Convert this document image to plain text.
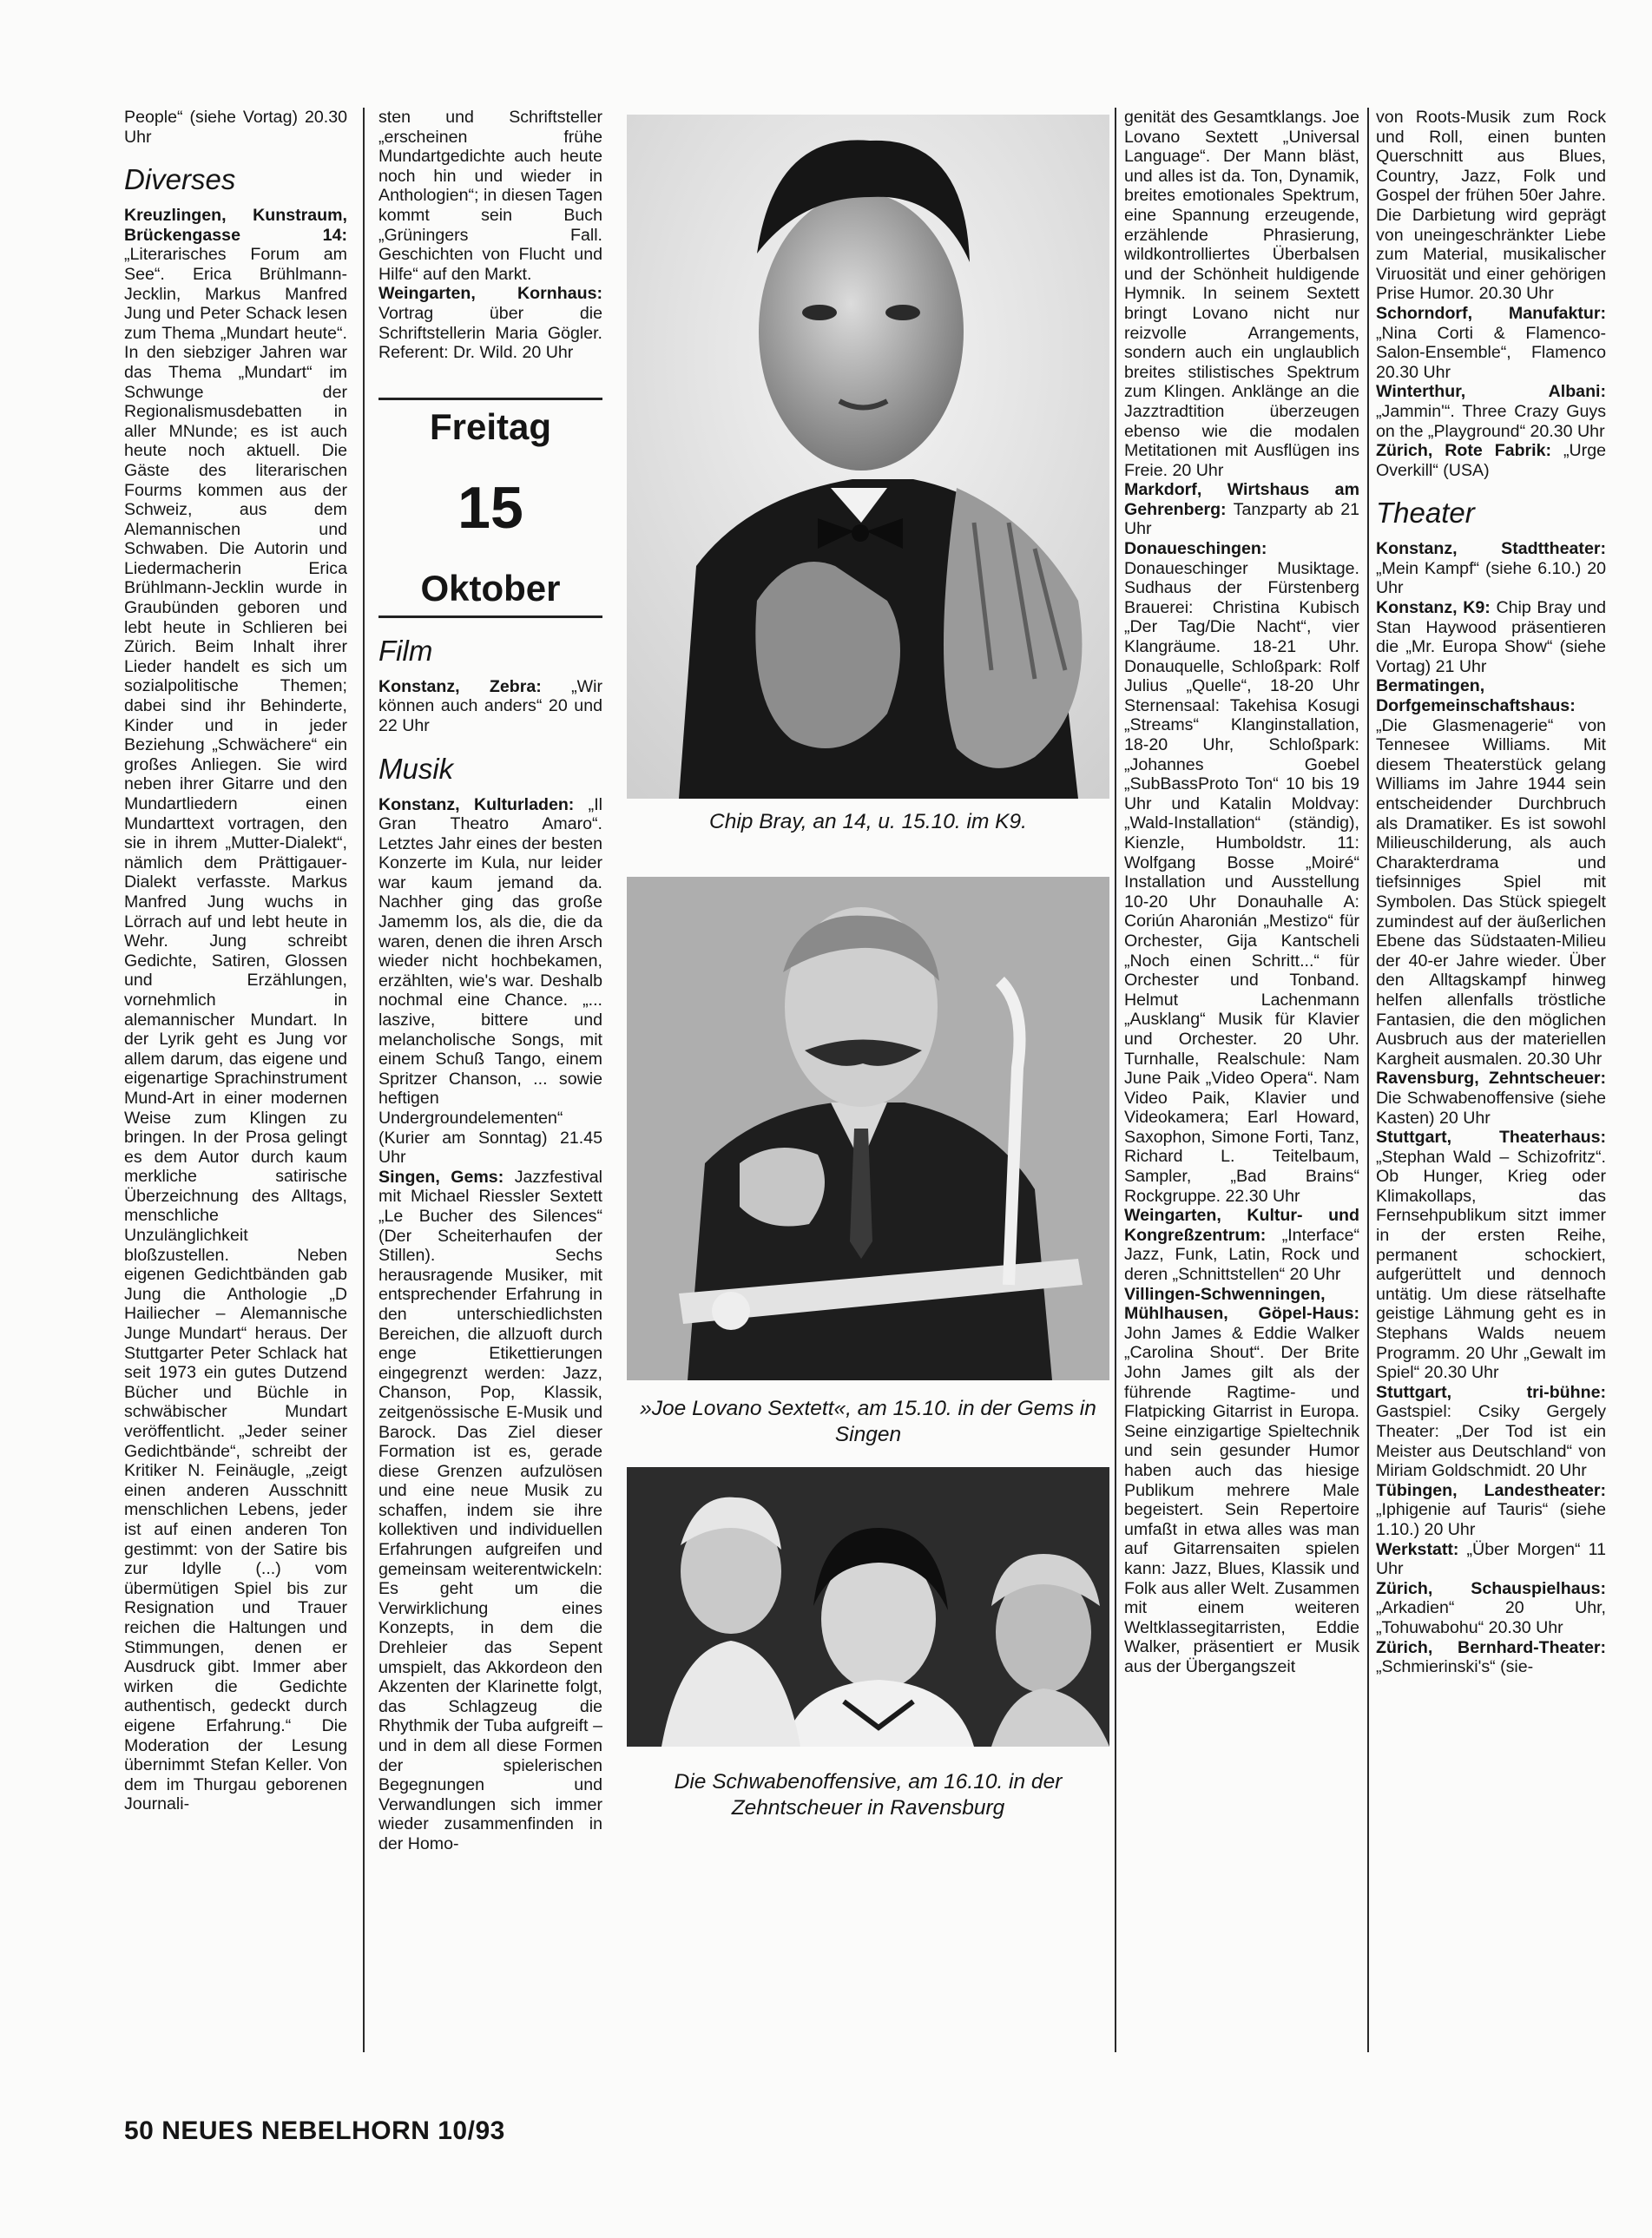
People“ (siehe Vortag) 20.30 Uhr

Diverses

Kreuzlingen, Kunstraum, Brückengasse 14: „Literarisches Forum am See“. Erica Brühlmann-Jecklin, Markus Manfred Jung und Peter Schack lesen zum Thema „Mundart heute“. In den siebziger Jahren war das Thema „Mundart“ im Schwunge der Regionalismusdebatten in aller MNunde; es ist auch heute noch aktuell. Die Gäste des literarischen Fourms kommen aus der Schweiz, aus dem Alemannischen und Schwaben. Die Autorin und Liedermacherin Erica Brühlmann-Jecklin wurde in Graubünden geboren und lebt heute in Schlieren bei Zürich. Beim Inhalt ihrer Lieder handelt es sich um sozialpolitische Themen; dabei sind ihr Behinderte, Kinder und in jeder Beziehung „Schwächere“ ein großes Anliegen. Sie wird neben ihrer Gitarre und den Mundartliedern einen Mundarttext vortragen, den sie in ihrem „Mutter-Dialekt“, nämlich dem Prättigauer-Dialekt verfasste. Markus Manfred Jung wuchs in Lörrach auf und lebt heute in Wehr. Jung schreibt Gedichte, Satiren, Glossen und Erzählungen, vornehmlich in alemannischer Mundart. In der Lyrik geht es Jung vor allem darum, das eigene und eigenartige Sprachinstrument Mund-Art in einer modernen Weise zum Klingen zu bringen. In der Prosa gelingt es dem Autor durch kaum merkliche satirische Überzeichnung des Alltags, menschliche Unzulänglichkeit bloßzustellen. Neben eigenen Gedichtbänden gab Jung die Anthologie „D Hailiecher – Alemannische Junge Mundart“ heraus. Der Stuttgarter Peter Schlack hat seit 1973 ein gutes Dutzend Bücher und Büchle in schwäbischer Mundart veröffentlicht. „Jeder seiner Gedichtbände“, schreibt der Kritiker N. Feinäugle, „zeigt einen anderen Ausschnitt menschlichen Lebens, jeder ist auf einen anderen Ton gestimmt: von der Satire bis zur Idylle (...) vom übermütigen Spiel bis zur Resignation und Trauer reichen die Haltungen und Stimmungen, denen er Ausdruck gibt. Immer aber wirken die Gedichte authentisch, gedeckt durch eigene Erfahrung.“ Die Moderation der Lesung übernimmt Stefan Keller. Von dem im Thurgau geborenen Journali-

sten und Schriftsteller „erscheinen frühe Mundartgedichte auch heute noch hin und wieder in Anthologien“; in diesen Tagen kommt sein Buch „Grüningers Fall. Geschichten von Flucht und Hilfe“ auf den Markt.

Weingarten, Kornhaus: Vortrag über die Schriftstellerin Maria Gögler. Referent: Dr. Wild. 20 Uhr

Freitag
15
Oktober
Film

Konstanz, Zebra: „Wir können auch anders“ 20 und 22 Uhr

Musik

Konstanz, Kulturladen: „Il Gran Theatro Amaro“. Letztes Jahr eines der besten Konzerte im Kula, nur leider war kaum jemand da. Nachher ging das große Jamemm los, als die, die da waren, denen die ihren Arsch wieder nicht hochbekamen, erzählten, wie's war. Deshalb nochmal eine Chance. „... laszive, bittere und melancholische Songs, mit einem Schuß Tango, einem Spritzer Chanson, ... sowie heftigen Undergroundelementen“ (Kurier am Sonntag) 21.45 Uhr

Singen, Gems: Jazzfestival mit Michael Riessler Sextett „Le Bucher des Silences“ (Der Scheiterhaufen der Stillen). Sechs herausragende Musiker, mit entsprechender Erfahrung in den unterschiedlichsten Bereichen, die allzuoft durch enge Etikettierungen eingegrenzt werden: Jazz, Chanson, Pop, Klassik, zeitgenössische E-Musik und Barock. Das Ziel dieser Formation ist es, gerade diese Grenzen aufzulösen und eine neue Musik zu schaffen, indem sie ihre kollektiven und individuellen Erfahrungen aufgreifen und gemeinsam weiterentwickeln: Es geht um die Verwirklichung eines Konzepts, in dem die Drehleier das Sepent umspielt, das Akkordeon den Akzenten der Klarinette folgt, das Schlagzeug die Rhythmik der Tuba aufgreift – und in dem all diese Formen der spielerischen Begegnungen und Verwandlungen sich immer wieder zusammenfinden in der Homo-

Chip Bray, an 14, u. 15.10. im K9.
»Joe Lovano Sextett«, am 15.10. in der Gems in Singen
Die Schwabenoffensive, am 16.10. in der Zehntscheuer in Ravensburg

genität des Gesamtklangs. Joe Lovano Sextett „Universal Language“. Der Mann bläst, und alles ist da. Ton, Dynamik, breites emotionales Spektrum, eine Spannung erzeugende, erzählende Phrasierung, wildkontrolliertes Überbalsen und der Schönheit huldigende Hymnik. In seinem Sextett bringt Lovano nicht nur reizvolle Arrangements, sondern auch ein unglaublich breites stilistisches Spektrum zum Klingen. Anklänge an die Jazztradtition überzeugen ebenso wie die modalen Metitationen mit Ausflügen ins Freie. 20 Uhr

Markdorf, Wirtshaus am Gehrenberg: Tanzparty ab 21 Uhr

Donaueschingen: Donaueschinger Musiktage. Sudhaus der Fürstenberg Brauerei: Christina Kubisch „Der Tag/Die Nacht“, vier Klangräume. 18-21 Uhr. Donauquelle, Schloßpark: Rolf Julius „Quelle“, 18-20 Uhr Sternensaal: Takehisa Kosugi „Streams“ Klanginstallation, 18-20 Uhr, Schloßpark: „Johannes Goebel „SubBassProto Ton“ 10 bis 19 Uhr und Katalin Moldvay: „Wald-Installation“ (ständig), Kienzle, Humboldstr. 11: Wolfgang Bosse „Moiré“ Installation und Ausstellung 10-20 Uhr Donauhalle A: Coriún Aharonián „Mestizo“ für Orchester, Gija Kantscheli „Noch einen Schritt...“ für Orchester und Tonband. Helmut Lachenmann „Ausklang“ Musik für Klavier und Orchester. 20 Uhr. Turnhalle, Realschule: Nam June Paik „Video Opera“. Nam Video Paik, Klavier und Videokamera; Earl Howard, Saxophon, Simone Forti, Tanz, Richard L. Teitelbaum, Sampler, „Bad Brains“ Rockgruppe. 22.30 Uhr

Weingarten, Kultur- und Kongreßzentrum: „Interface“ Jazz, Funk, Latin, Rock und deren „Schnittstellen“ 20 Uhr

Villingen-Schwenningen, Mühlhausen, Göpel-Haus: John James & Eddie Walker „Carolina Shout“. Der Brite John James gilt als der führende Ragtime- und Flatpicking Gitarrist in Europa. Seine einzigartige Spieltechnik und sein gesunder Humor haben auch das hiesige Publikum mehrere Male begeistert. Sein Repertoire umfaßt in etwa alles was man auf Gitarrensaiten spielen kann: Jazz, Blues, Klassik und Folk aus aller Welt. Zusammen mit einem weiteren Weltklassegitarristen, Eddie Walker, präsentiert er Musik aus der Übergangszeit

von Roots-Musik zum Rock und Roll, einen bunten Querschnitt aus Blues, Country, Jazz, Folk und Gospel der frühen 50er Jahre. Die Darbietung wird geprägt von uneingeschränkter Liebe zum Material, musikalischer Viruosität und einer gehörigen Prise Humor. 20.30 Uhr

Schorndorf, Manufaktur: „Nina Corti & Flamenco-Salon-Ensemble“, Flamenco 20.30 Uhr

Winterthur, Albani: „Jammin'“. Three Crazy Guys on the „Playground“ 20.30 Uhr

Zürich, Rote Fabrik: „Urge Overkill“ (USA)

Theater

Konstanz, Stadttheater: „Mein Kampf“ (siehe 6.10.) 20 Uhr

Konstanz, K9: Chip Bray und Stan Haywood präsentieren die „Mr. Europa Show“ (siehe Vortag) 21 Uhr

Bermatingen, Dorfgemeinschaftshaus: „Die Glasmenagerie“ von Tennesee Williams. Mit diesem Theaterstück gelang Williams im Jahre 1944 sein entscheidender Durchbruch als Dramatiker. Es ist sowohl Milieuschilderung, als auch Charakterdrama und tiefsinniges Spiel mit Symbolen. Das Stück spiegelt zumindest auf der äußerlichen Ebene das Südstaaten-Milieu der 40-er Jahre wieder. Über den Alltagskampf hinweg helfen allenfalls tröstliche Fantasien, die den möglichen Ausbruch aus der materiellen Kargheit ausmalen. 20.30 Uhr

Ravensburg, Zehntscheuer: Die Schwabenoffensive (siehe Kasten) 20 Uhr

Stuttgart, Theaterhaus: „Stephan Wald – Schizofritz“. Ob Hunger, Krieg oder Klimakollaps, das Fernsehpublikum sitzt immer in der ersten Reihe, permanent schockiert, aufgerüttelt und dennoch untätig. Um diese rätselhafte geistige Lähmung geht es in Stephans Walds neuem Programm. 20 Uhr „Gewalt im Spiel“ 20.30 Uhr

Stuttgart, tri-bühne: Gastspiel: Csiky Gergely Theater: „Der Tod ist ein Meister aus Deutschland“ von Miriam Goldschmidt. 20 Uhr

Tübingen, Landestheater: „Iphigenie auf Tauris“ (siehe 1.10.) 20 Uhr

Werkstatt: „Über Morgen“ 11 Uhr

Zürich, Schauspielhaus: „Arkadien“ 20 Uhr, „Tohuwabohu“ 20.30 Uhr

Zürich, Bernhard-Theater: „Schmierinski's“ (sie-

50 NEUES NEBELHORN 10/93
